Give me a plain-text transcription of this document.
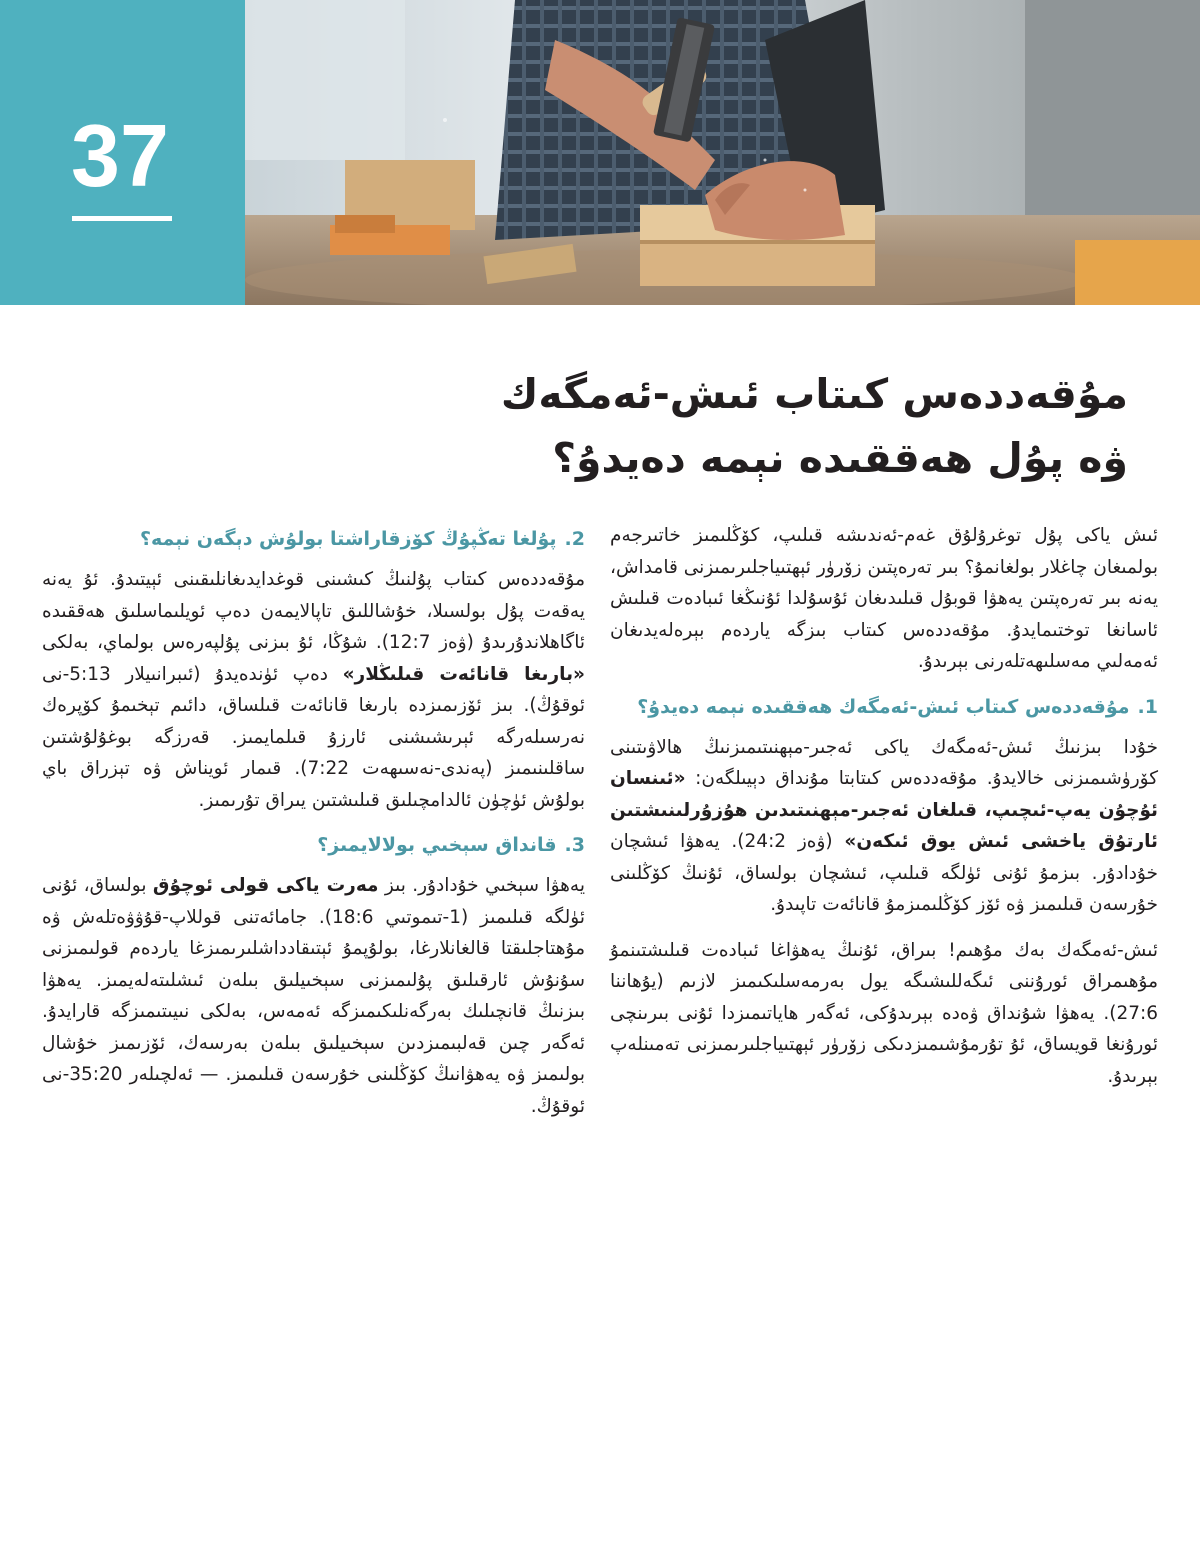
37
مۇقەددەس كىتاب ئىش-ئەمگەك
ۋە پۇل ھەققىدە نېمە دەيدۇ؟

ئىش ياكى پۇل توغرۇلۇق غەم-ئەندىشە قىلىپ، كۆڭلىمىز خاتىرجەم بولمىغان چاغلار بولغانمۇ؟ بىر تەرەپتىن زۆرۈر ئېھتىياجلىرىمىزنى قامداش، يەنە بىر تەرەپتىن يەھۋا قوبۇل قىلىدىغان ئۇسۇلدا ئۇنىڭغا ئىبادەت قىلىش ئاسانغا توختىمايدۇ. مۇقەددەس كىتاب بىزگە ياردەم بېرەلەيدىغان ئەمەلىي مەسلىھەتلەرنى بېرىدۇ.

1.
مۇقەددەس كىتاب ئىش-ئەمگەك ھەققىدە نېمە دەيدۇ؟

خۇدا بىزنىڭ ئىش-ئەمگەك ياكى ئەجىر-مېھنىتىمىزنىڭ ھالاۋىتىنى كۆرۈشىمىزنى خالايدۇ. مۇقەددەس كىتابتا مۇنداق دېيىلگەن: «ئىنسان ئۇچۇن يەپ-ئىچىپ، قىلغان ئەجىر-مېھنىتىدىن ھۇزۇرلىنىشتىن ئارتۇق ياخشى ئىش يوق ئىكەن» (ۋەز 24:2). يەھۋا ئىشچان خۇدادۇر. بىزمۇ ئۇنى ئۈلگە قىلىپ، ئىشچان بولساق، ئۇنىڭ كۆڭلىنى خۇرسەن قىلىمىز ۋە ئۆز كۆڭلىمىزمۇ قانائەت تاپىدۇ.

ئىش-ئەمگەك بەك مۇھىم! بىراق، ئۇنىڭ يەھۋاغا ئىبادەت قىلىشتىنمۇ مۇھىمراق ئورۇننى ئىگەللىشىگە يول بەرمەسلىكىمىز لازىم (يۇھاننا 27:6). يەھۋا شۇنداق ۋەدە بېرىدۇكى، ئەگەر ھاياتىمىزدا ئۇنى بىرىنچى ئورۇنغا قويساق، ئۇ تۇرمۇشىمىزدىكى زۆرۈر ئېھتىياجلىرىمىزنى تەمىنلەپ بېرىدۇ.

2.
پۇلغا تەڭپۇڭ كۆزقاراشتا بولۇش دېگەن نېمە؟

مۇقەددەس كىتاب پۇلنىڭ كىشىنى قوغدايدىغانلىقىنى ئېيتىدۇ. ئۇ يەنە يەقەت پۇل بولسىلا، خۇشاللىق تاپالايمەن دەپ ئويلىماسلىق ھەققىدە ئاگاھلاندۇرىدۇ (ۋەز 12:7). شۇڭا، ئۇ بىزنى پۇلپەرەس بولماي، بەلكى «بارىغا قانائەت قىلىڭلار» دەپ ئۈندەيدۇ (ئىبرانىيلار 5:13-نى ئوقۇڭ). بىز ئۆزىمىزدە بارىغا قانائەت قىلساق، دائىم تېخىمۇ كۆپرەك نەرسىلەرگە ئېرىشىشنى ئارزۇ قىلمايمىز. قەرزگە بوغۇلۇشتىن ساقلىنىمىز (پەندى-نەسىھەت 7:22). قىمار ئويناش ۋە تېزراق باي بولۇش ئۈچۈن ئالدامچىلىق قىلىشتىن يىراق تۇرىمىز.

3.
قانداق سېخىي بولالايمىز؟

يەھۋا سېخىي خۇدادۇر. بىز مەرت ياكى قولى ئوچۇق بولساق، ئۇنى ئۈلگە قىلىمىز (1-تىموتىي 18:6). جامائەتنى قوللاپ-قۇۋۋەتلەش ۋە مۇھتاجلىقتا قالغانلارغا، بولۇپمۇ ئېتىقادداشلىرىمىزغا ياردەم قولىمىزنى سۇنۇش ئارقىلىق پۇلىمىزنى سېخىيلىق بىلەن ئىشلىتەلەيمىز. يەھۋا بىزنىڭ قانچىلىك بەرگەنلىكىمىزگە ئەمەس، بەلكى نىيىتىمىزگە قارايدۇ. ئەگەر چىن قەلبىمىزدىن سېخىيلىق بىلەن بەرسەك، ئۆزىمىز خۇشال بولىمىز ۋە يەھۋانىڭ كۆڭلىنى خۇرسەن قىلىمىز. — ئەلچىلەر 35:20-نى ئوقۇڭ.
